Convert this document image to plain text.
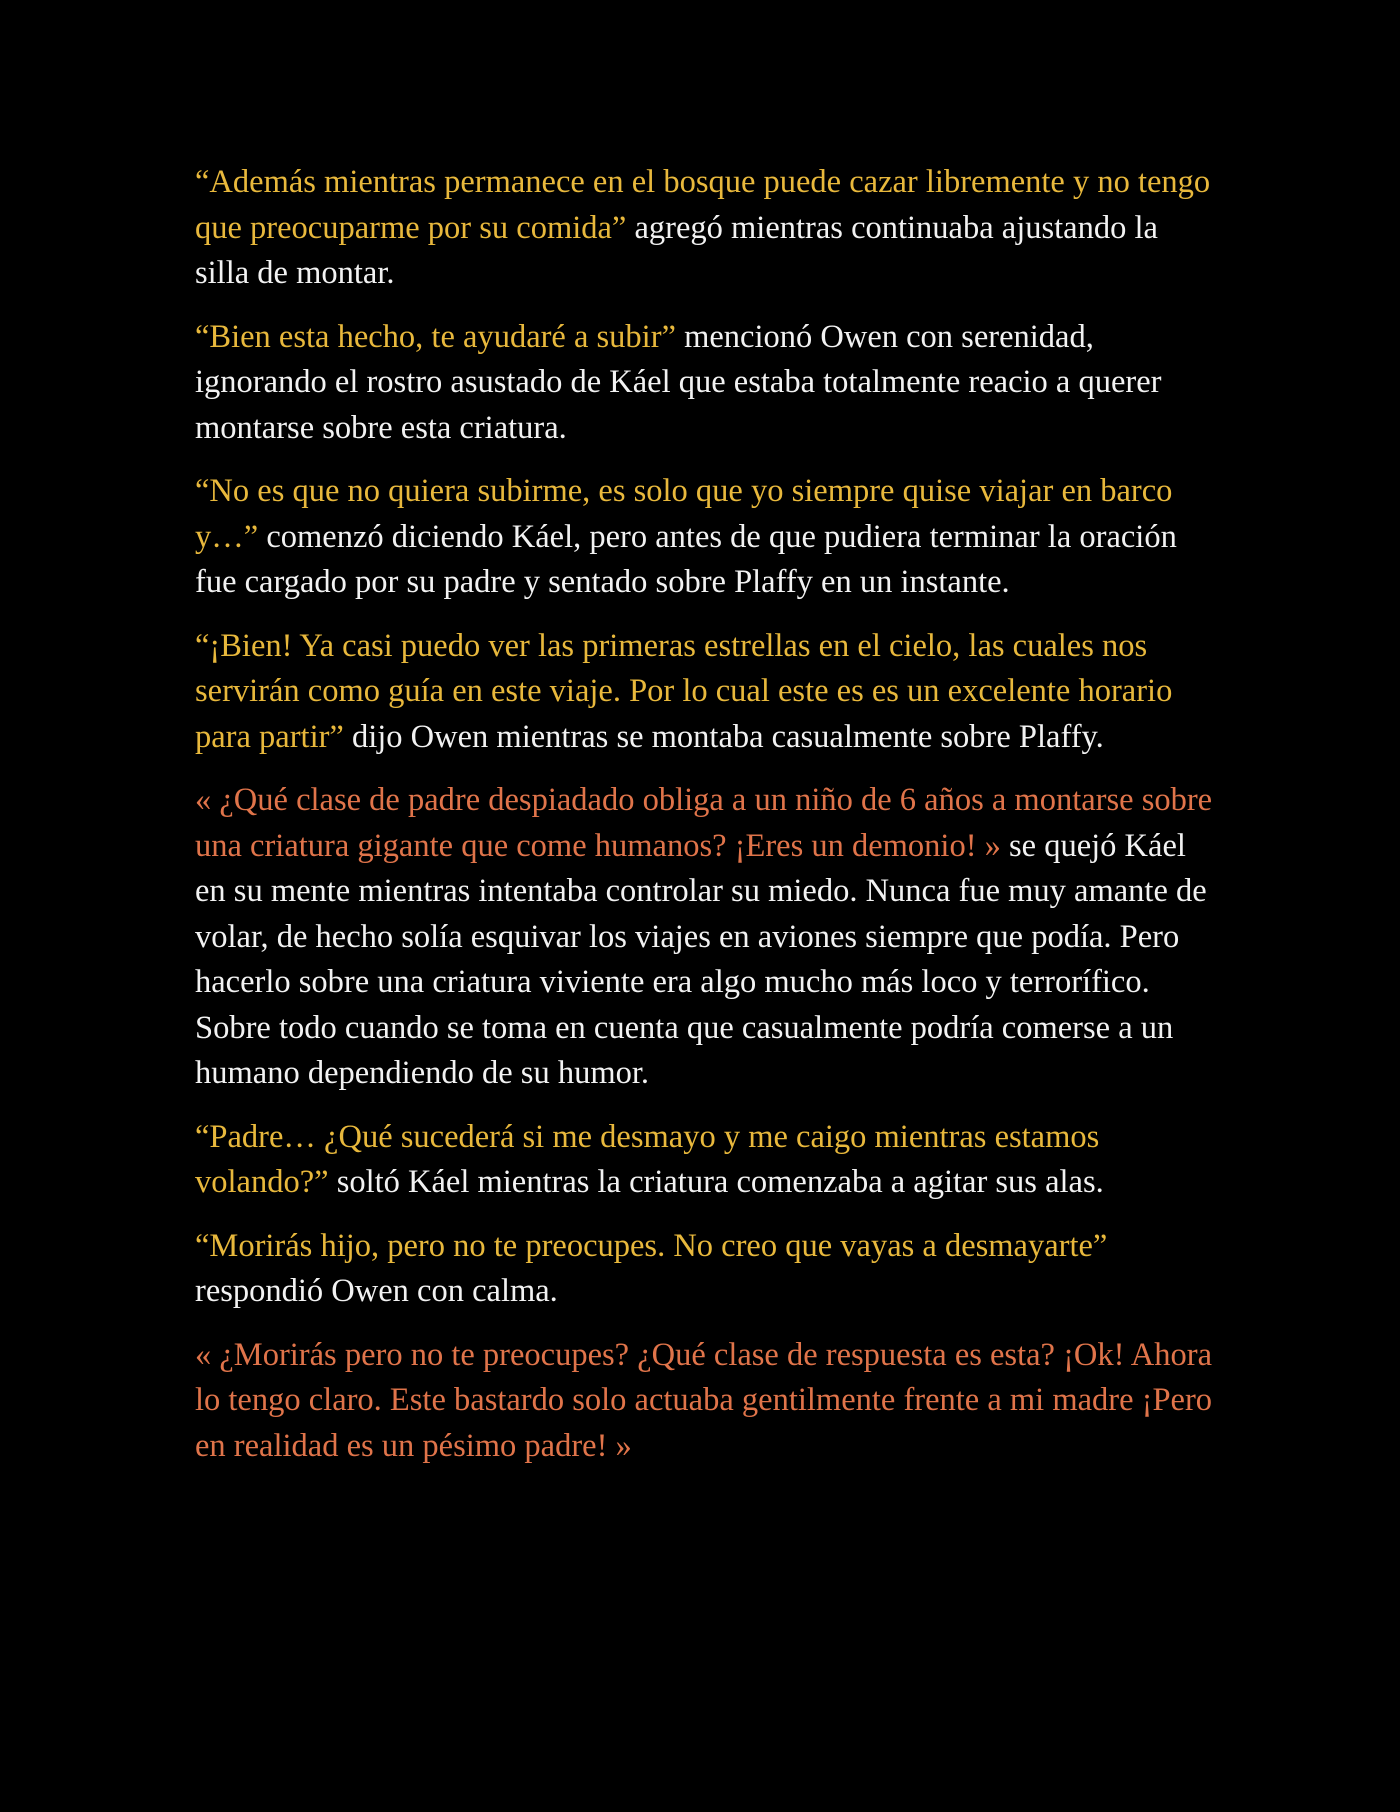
“Además mientras permanece en el bosque puede cazar libremente y no tengo que preocuparme por su comida” agregó mientras continuaba ajustando la silla de montar.

“Bien esta hecho, te ayudaré a subir” mencionó Owen con serenidad, ignorando el rostro asustado de Káel que estaba totalmente reacio a querer montarse sobre esta criatura.

“No es que no quiera subirme, es solo que yo siempre quise viajar en barco y…” comenzó diciendo Káel, pero antes de que pudiera terminar la oración fue cargado por su padre y sentado sobre Plaffy en un instante.

“¡Bien! Ya casi puedo ver las primeras estrellas en el cielo, las cuales nos servirán como guía en este viaje. Por lo cual este es es un excelente horario para partir” dijo Owen mientras se montaba casualmente sobre Plaffy.

« ¿Qué clase de padre despiadado obliga a un niño de 6 años a montarse sobre una criatura gigante que come humanos? ¡Eres un demonio! » se quejó Káel en su mente mientras intentaba controlar su miedo. Nunca fue muy amante de volar, de hecho solía esquivar los viajes en aviones siempre que podía. Pero hacerlo sobre una criatura viviente era algo mucho más loco y terrorífico. Sobre todo cuando se toma en cuenta que casualmente podría comerse a un humano dependiendo de su humor.

“Padre… ¿Qué sucederá si me desmayo y me caigo mientras estamos volando?” soltó Káel mientras la criatura comenzaba a agitar sus alas.

“Morirás hijo, pero no te preocupes. No creo que vayas a desmayarte” respondió Owen con calma.

« ¿Morirás pero no te preocupes? ¿Qué clase de respuesta es esta? ¡Ok! Ahora lo tengo claro. Este bastardo solo actuaba gentilmente frente a mi madre ¡Pero en realidad es un pésimo padre! »
